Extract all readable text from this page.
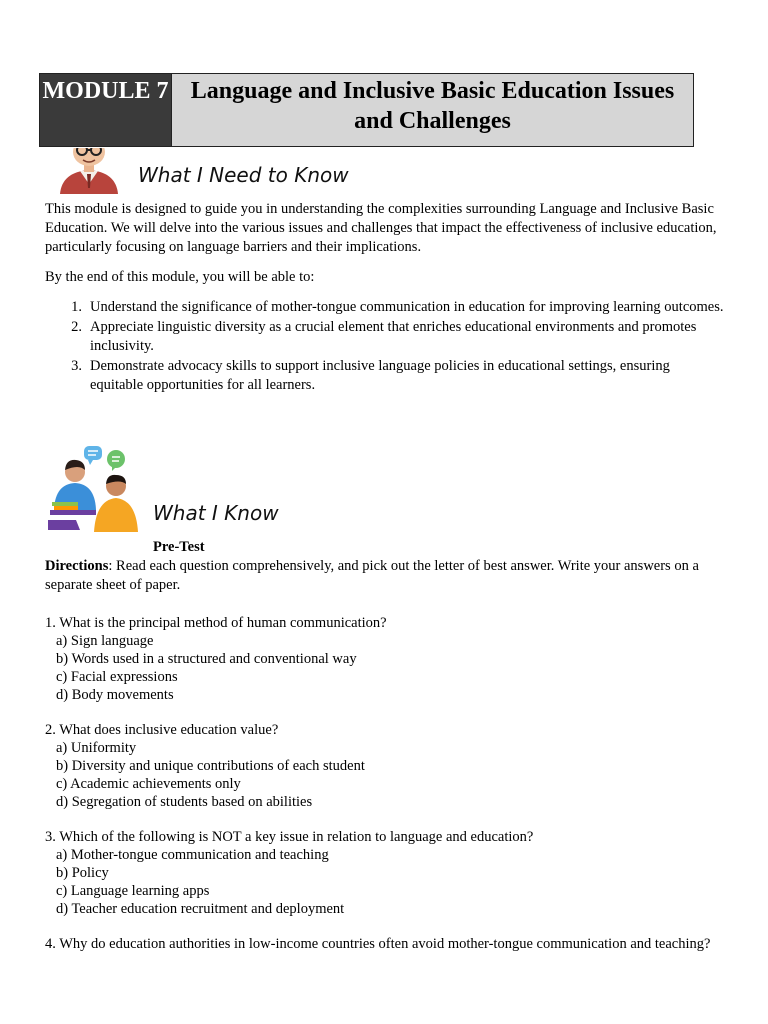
MODULE 7 Language and Inclusive Basic Education Issues and Challenges
What I Need to Know
This module is designed to guide you in understanding the complexities surrounding Language and Inclusive Basic Education. We will delve into the various issues and challenges that impact the effectiveness of inclusive education, particularly focusing on language barriers and their implications.
By the end of this module, you will be able to:
1. Understand the significance of mother-tongue communication in education for improving learning outcomes.
2. Appreciate linguistic diversity as a crucial element that enriches educational environments and promotes inclusivity.
3. Demonstrate advocacy skills to support inclusive language policies in educational settings, ensuring equitable opportunities for all learners.
What I Know
Pre-Test
Directions: Read each question comprehensively, and pick out the letter of best answer. Write your answers on a separate sheet of paper.

1. What is the principal method of human communication?

a) Sign language

b) Words used in a structured and conventional way

c) Facial expressions

d) Body movements

2. What does inclusive education value?

a) Uniformity

b) Diversity and unique contributions of each student

c) Academic achievements only

d) Segregation of students based on abilities

3. Which of the following is NOT a key issue in relation to language and education?

a) Mother-tongue communication and teaching

b) Policy

c) Language learning apps

d) Teacher education recruitment and deployment

4. Why do education authorities in low-income countries often avoid mother-tongue communication and teaching?
